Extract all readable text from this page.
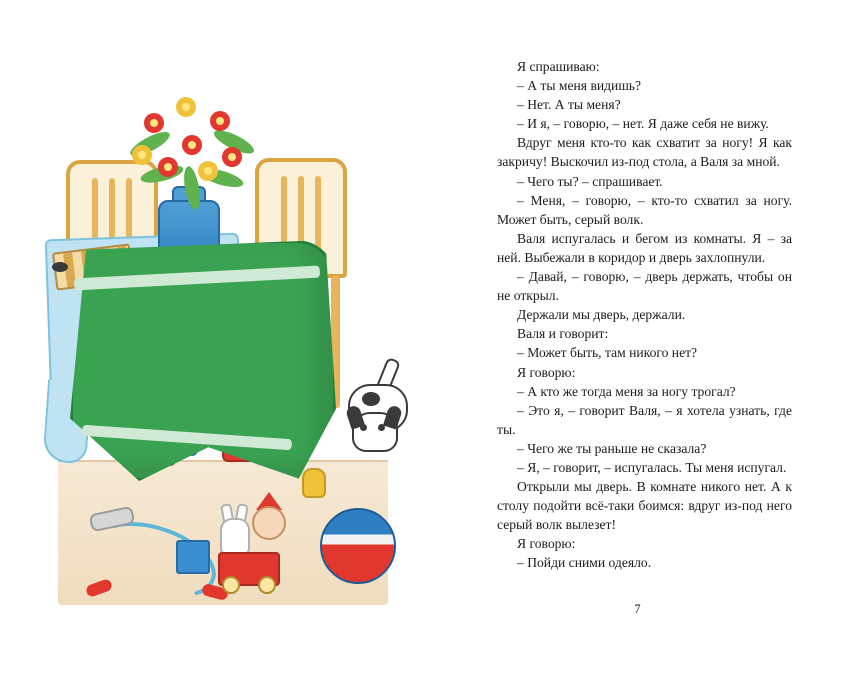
Я спрашиваю:

– А ты меня видишь?

– Нет. А ты меня?

– И я, – говорю, – нет. Я даже себя не вижу.

Вдруг меня кто-то как схватит за ногу! Я как закричу! Выскочил из-под стола, а Валя за мной.

– Чего ты? – спрашивает.

– Меня, – говорю, – кто-то схватил за ногу. Может быть, серый волк.

Валя испугалась и бегом из комнаты. Я – за ней. Выбежали в коридор и дверь захлопнули.

– Давай, – говорю, – дверь держать, чтобы он не открыл.

Держали мы дверь, держали.

Валя и говорит:

– Может быть, там никого нет?

Я говорю:

– А кто же тогда меня за ногу трогал?

– Это я, – говорит Валя, – я хотела узнать, где ты.

– Чего же ты раньше не сказала?

– Я, – говорит, – испугалась. Ты меня испугал.

Открыли мы дверь. В комнате никого нет. А к столу подойти всё-таки боимся: вдруг из-под него серый волк вылезет!

Я говорю:

– Пойди сними одеяло.

7
